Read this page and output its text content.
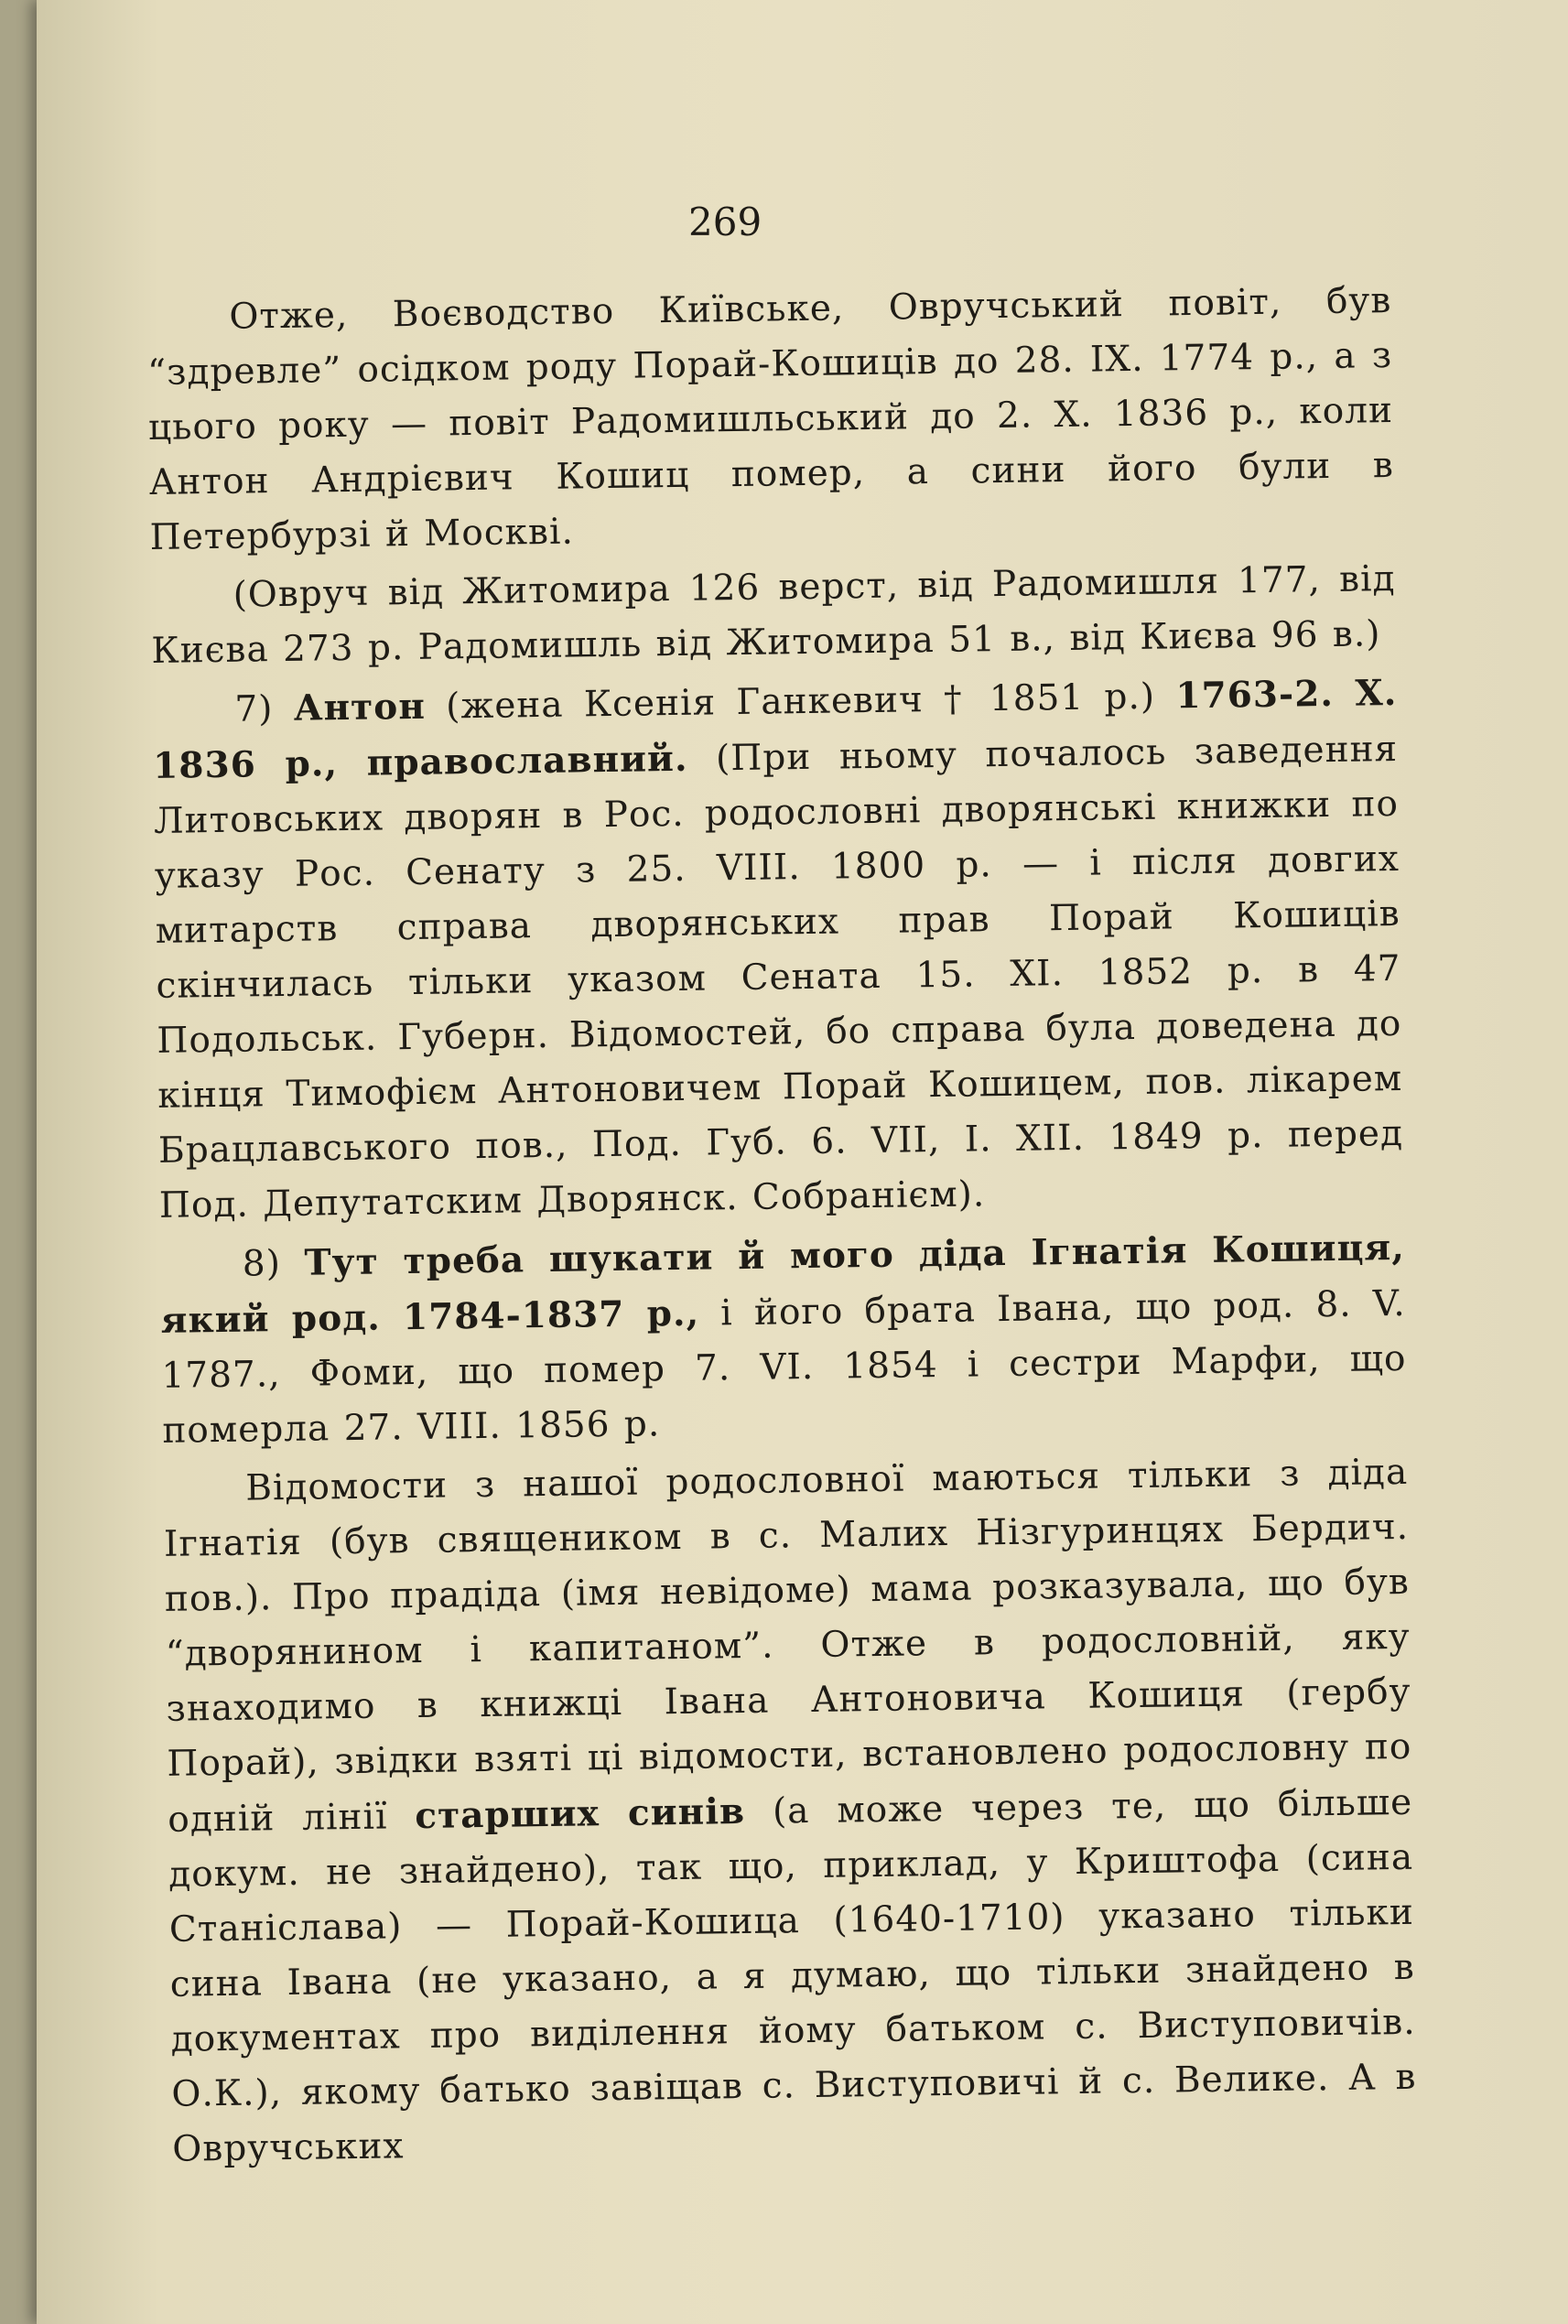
269

Отже, Воєводство Київське, Овручський повіт, був “здревле” осідком роду Порай-Кошиців до 28. IX. 1774 р., а з цього року — повіт Радомишльський до 2. X. 1836 р., коли Антон Андрієвич Кошиц помер, а сини його були в Петербурзі й Москві.

(Овруч від Житомира 126 верст, від Радомишля 177, від Києва 273 р. Радомишль від Житомира 51 в., від Києва 96 в.)

7) Антон (жена Ксенія Ганкевич † 1851 р.) 1763-2. X. 1836 р., православний. (При ньому почалось заведення Литовських дворян в Рос. родословні дворянські книжки по указу Рос. Сенату з 25. VIII. 1800 р. — і після довгих митарств справа дворянських прав Порай Кошиців скінчилась тільки указом Сената 15. XI. 1852 р. в 47 Подольськ. Губерн. Відомостей, бо справа була доведена до кінця Тимофієм Антоновичем Порай Кошицем, пов. лікарем Брацлавського пов., Под. Губ. 6. VII, І. XII. 1849 р. перед Под. Депутатским Дворянск. Собранієм).

8) Тут треба шукати й мого діда Ігнатія Кошиця, який род. 1784-1837 р., і його брата Івана, що род. 8. V. 1787., Фоми, що помер 7. VI. 1854 і сестри Марфи, що померла 27. VIII. 1856 р.

Відомости з нашої родословної маються тільки з діда Ігнатія (був священиком в с. Малих Нізгуринцях Бердич. пов.). Про прадіда (імя невідоме) мама розказувала, що був “дворянином і капитаном”. Отже в родословній, яку знаходимо в книжці Івана Антоновича Кошиця (гербу Порай), звідки взяті ці відомости, встановлено родословну по одній лінії старших синів (а може через те, що більше докум. не знайдено), так що, приклад, у Криштофа (сина Станіслава) — Порай-Кошица (1640-1710) указано тільки сина Івана (не указано, а я думаю, що тільки знайдено в документах про виділення йому батьком с. Виступовичів. О.К.), якому батько завіщав с. Виступовичі й с. Велике. А в Овручських
